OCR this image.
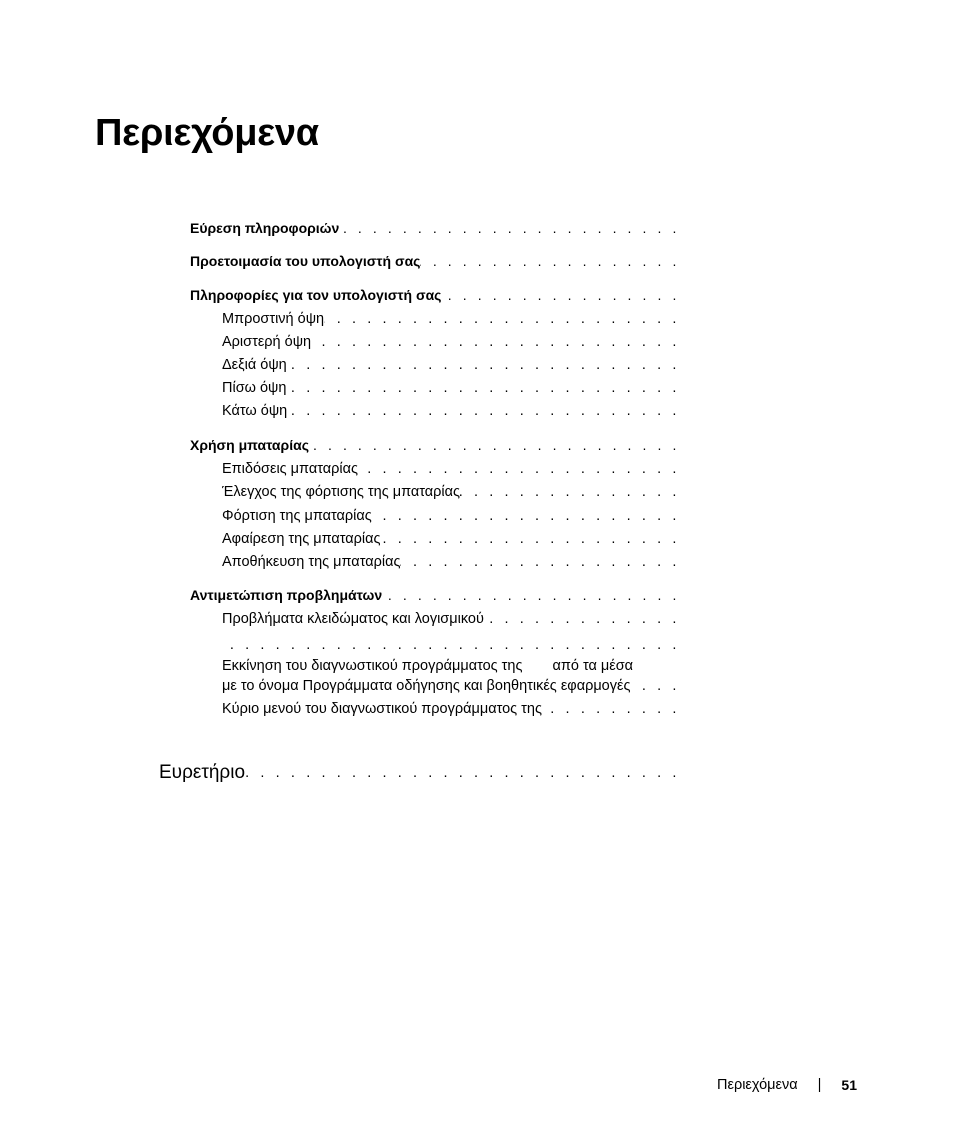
Περιεχόμενα
Εύρεση πληροφοριών
. . .
Προετοιμασία του υπολογιστή σας
. . .
Πληροφορίες για τον υπολογιστή σας
. . .
Μπροστινή όψη
. . .
Αριστερή όψη
. . .
Δεξιά όψη
. . .
Πίσω όψη
. . .
Κάτω όψη
. . .
Χρήση μπαταρίας
. . .
Επιδόσεις μπαταρίας
. . .
Έλεγχος της φόρτισης της μπαταρίας
. . .
Φόρτιση της μπαταρίας
. . .
Αφαίρεση της μπαταρίας
. . .
Αποθήκευση της μπαταρίας
. . .
Αντιμετώπιση προβλημάτων
. . .
Προβλήματα κλειδώματος και λογισμικού
. . .
. . .
Εκκίνηση του διαγνωστικού προγράμματος της από τα μέσα
με το όνομα Προγράμματα οδήγησης και βοηθητικές εφαρμογές
. . .
Κύριο μενού του διαγνωστικού προγράμματος της
. . .
Ευρετήριο
. . .
Περιεχόμενα | 51
